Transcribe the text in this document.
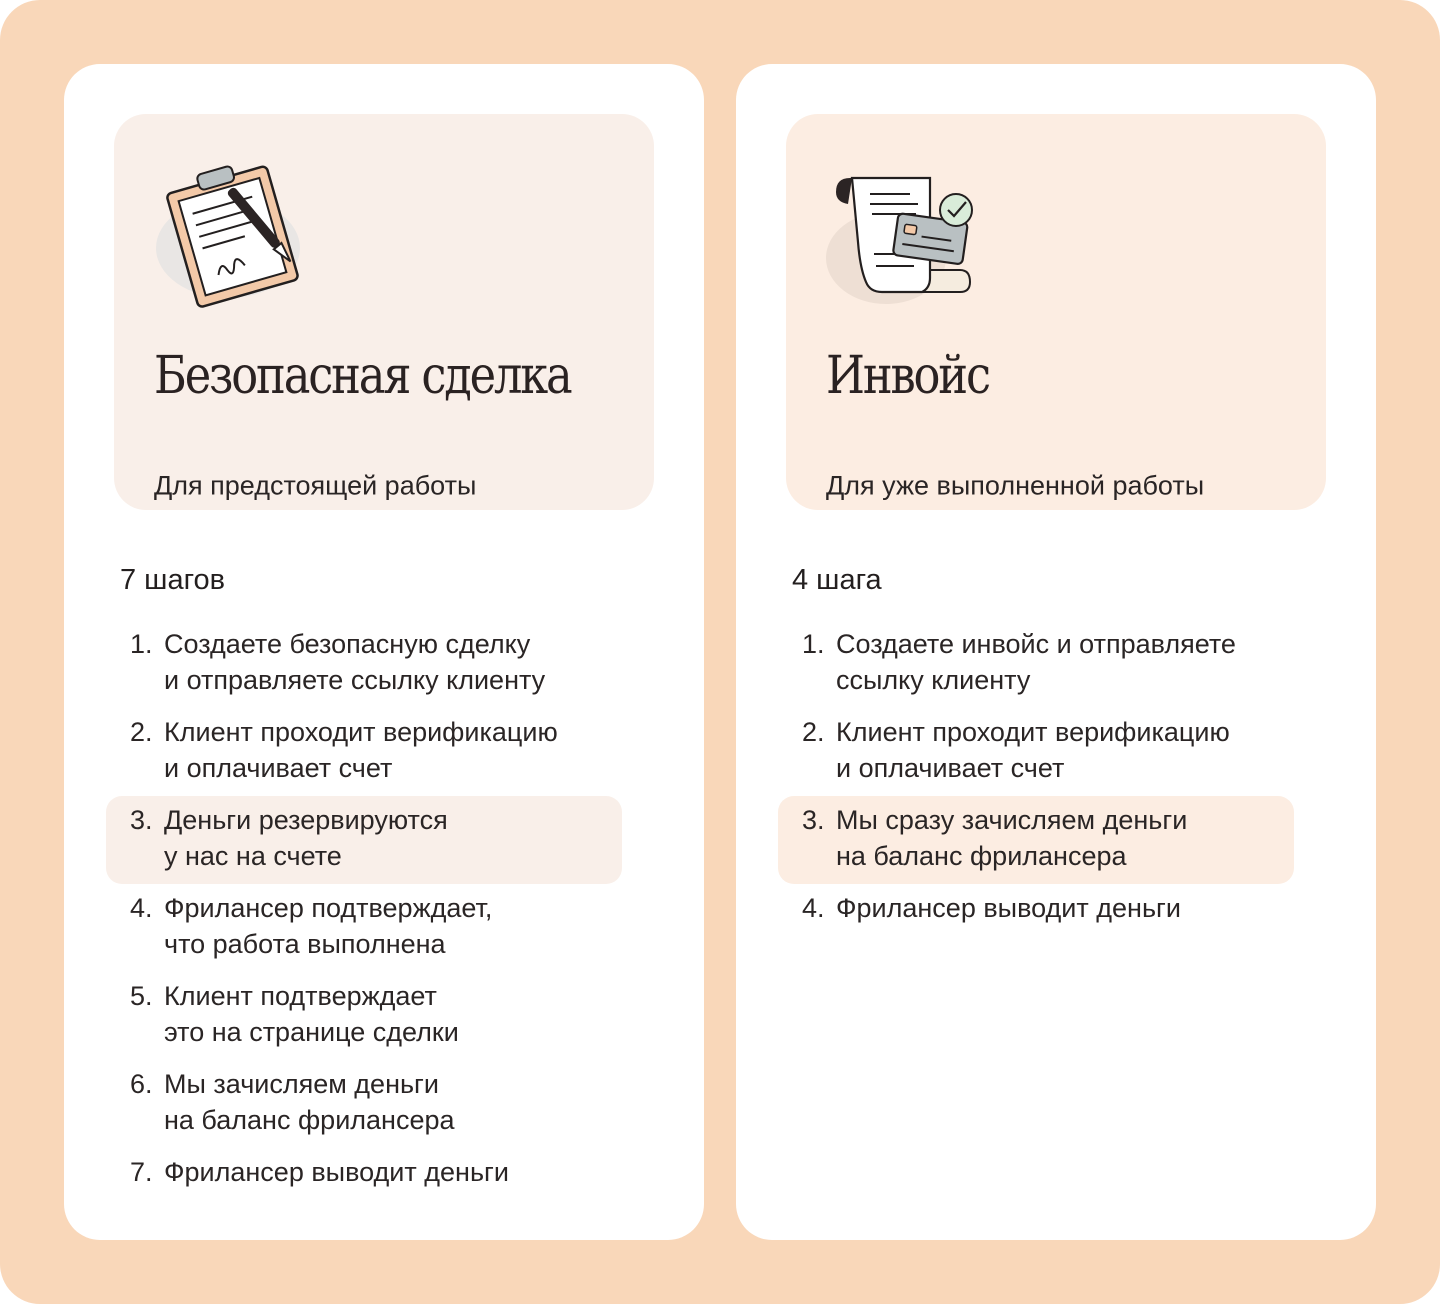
Безопасная сделка

Для предстоящей работы

7 шагов
1. Создаете безопасную сделку
и отправляете ссылку клиенту
2. Клиент проходит верификацию
и оплачивает счет
3. Деньги резервируются
у нас на счете
4. Фрилансер подтверждает,
что работа выполнена
5. Клиент подтверждает
это на странице сделки
6. Мы зачисляем деньги
на баланс фрилансера
7. Фрилансер выводит деньги
Инвойс

Для уже выполненной работы

4 шага
1. Создаете инвойс и отправляете
ссылку клиенту
2. Клиент проходит верификацию
и оплачивает счет
3. Мы сразу зачисляем деньги
на баланс фрилансера
4. Фрилансер выводит деньги
